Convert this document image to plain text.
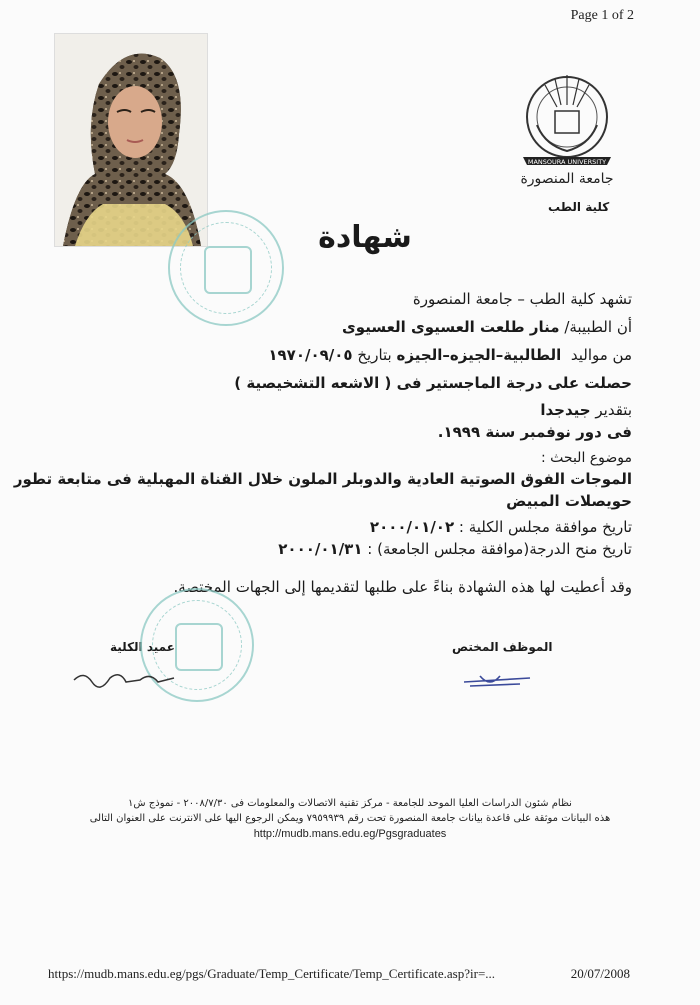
Page 1 of 2
MANSOURA UNIVERSITY
جامعة المنصورة
كلية الطب
شهادة
تشهد كلية الطب – جامعة المنصورة
أن الطبيبة/ منار طلعت العسيوى العسيوى
من مواليد  الطالبية–الجيزه–الجيزه بتاريخ ١٩٧٠/٠٩/٠٥
حصلت على درجة الماجستير فى ( الاشعه التشخيصية )
بتقدير جيدجدا
فى دور نوفمبر سنة ١٩٩٩.
موضوع البحث :
الموجات الفوق الصوتية العادية والدوبلر الملون خلال القناة المهبلية فى متابعة تطور
حويصلات المبيض
تاريخ موافقة مجلس الكلية : ٢٠٠٠/٠١/٠٢
تاريخ منح الدرجة(موافقة مجلس الجامعة) : ٢٠٠٠/٠١/٣١
وقد أعطيت لها هذه الشهادة بناءً على طلبها لتقديمها إلى الجهات المختصة.
الموظف المختص
عميد الكلية
نظام شئون الدراسات العليا الموحد للجامعة - مركز تقنية الاتصالات والمعلومات فى ٢٠٠٨/٧/٣٠ - نموذج ش١
هذه البيانات موثقة على قاعدة بيانات جامعة المنصورة تحت رقم ٧٩٥٩٩٣٩ ويمكن الرجوع اليها على الانترنت على العنوان التالى
http://mudb.mans.edu.eg/Pgsgraduates
https://mudb.mans.edu.eg/pgs/Graduate/Temp_Certificate/Temp_Certificate.asp?ir=...	20/07/2008
